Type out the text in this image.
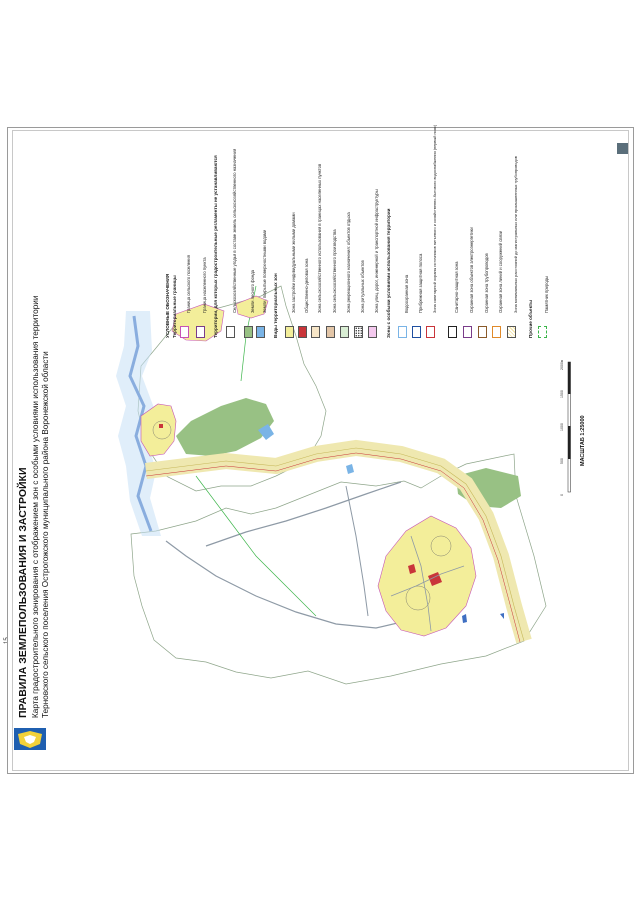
15 ПРАВИЛА ЗЕМЛЕПОЛЬЗОВАНИЯ И ЗАСТРОЙКИ Карта градостроительного зонирования с отображением зон с особыми условиями использования территории Терновского сельского поселения Острогожского муниципального района Воронежской области	МАСШТАБ 1:25000
0
500
1000
1500
2000м
УСЛОВНЫЕ ОБОЗНАЧЕНИЯ Территориальные границы Граница сельского поселения	Граница населенного пункта Территории, для которых градостроительные регламенты не устанавливаются	Сельскохозяйственные угодья в составе земель сельскохозяйственного назначения	Земли лесного фонда Земли, покрытые поверхностными водами Виды территориальных зон	Зона застройки индивидуальными жилыми домами Общественно-деловая зона Зона сельскохозяйственного использования в границах населенных пунктов Зона сельскохозяйственного производства Зона рекреационного назначения: объектов отдыха Зона ритуальных объектов Зона улиц, дорог, инженерной и транспортной инфраструктуры Зоны с особыми условиями использования территории	Водоохранная зона Прибрежная защитная полоса Зона санитарной охраны источников питьевого и хозяйственно-бытового водоснабжения (первый пояс)	Санитарно-защитная зона Охранная зона объектов электроэнергетики Охранная зона трубопроводов Охранная зона линий и сооружений связи	Зона минимальных расстояний до магистральных или промышленных трубопроводов
Прочие объекты
Памятник природы
